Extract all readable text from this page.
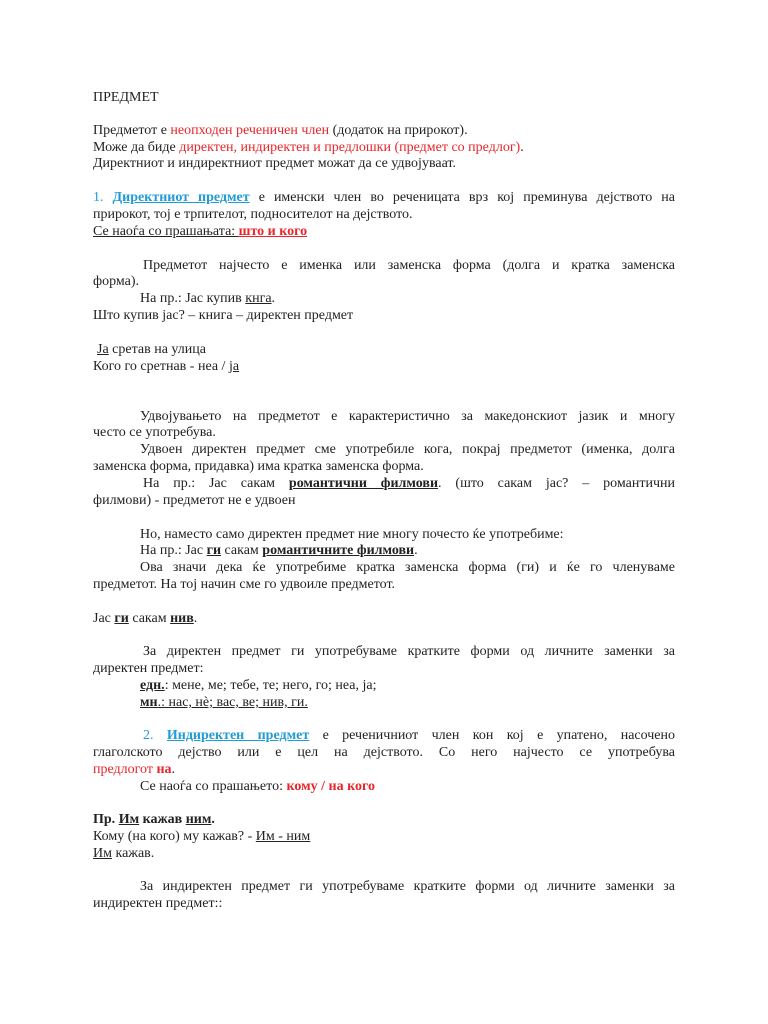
ПРЕДМЕТ
Предметот е неопходен реченичен член (додаток на прирокот).
Може да биде директен, индиректен и предлошки (предмет со предлог).
Директниот и индиректниот предмет можат да се удвојуваат.
1. Директниот предмет е именски член во реченицата врз кој преминува дејството на
прирокот, тој е трпителот, подносителот на дејството.
Се наоѓа со прашањата: што и кого
Предметот најчесто е именка или заменска форма (долга и кратка заменска
форма).
На пр.: Јас купив кнга.
Што купив јас? – книга – директен предмет
Ја сретав на улица
Кого го сретнав - неа / ја
Удвојувањето на предметот е карактеристично за македонскиот јазик и многу
често се употребува.
Удвоен директен предмет сме употребиле кога, покрај предметот (именка, долга
заменска форма, придавка) има кратка заменска форма.
На пр.: Јас сакам романтични филмови. (што сакам јас? – романтични
филмови) - предметот не е удвоен
Но, наместо само директен предмет ние многу почесто ќе употребиме:
На пр.: Јас ги сакам романтичните филмови.
Ова значи дека ќе употребиме кратка заменска форма (ги) и ќе го членуваме
предметот. На тој начин сме го удвоиле предметот.
Јас ги сакам нив.
За директен предмет ги употребуваме кратките форми од личните заменки за
директен предмет:
едн.: мене, ме; тебе, те; него, го; неа, ја;
мн.: нас, нè; вас, ве; нив, ги.
2. Индиректен предмет е реченичниот член кон кој е упатено, насочено
глаголското дејство или е цел на дејството. Со него најчесто се употребува
предлогот на.
Се наоѓа со прашањето: кому / на кого
Пр. Им кажав ним.
Кому (на кого) му кажав? - Им - ним
Им кажав.
За индиректен предмет ги употребуваме кратките форми од личните заменки за
индиректен предмет::
